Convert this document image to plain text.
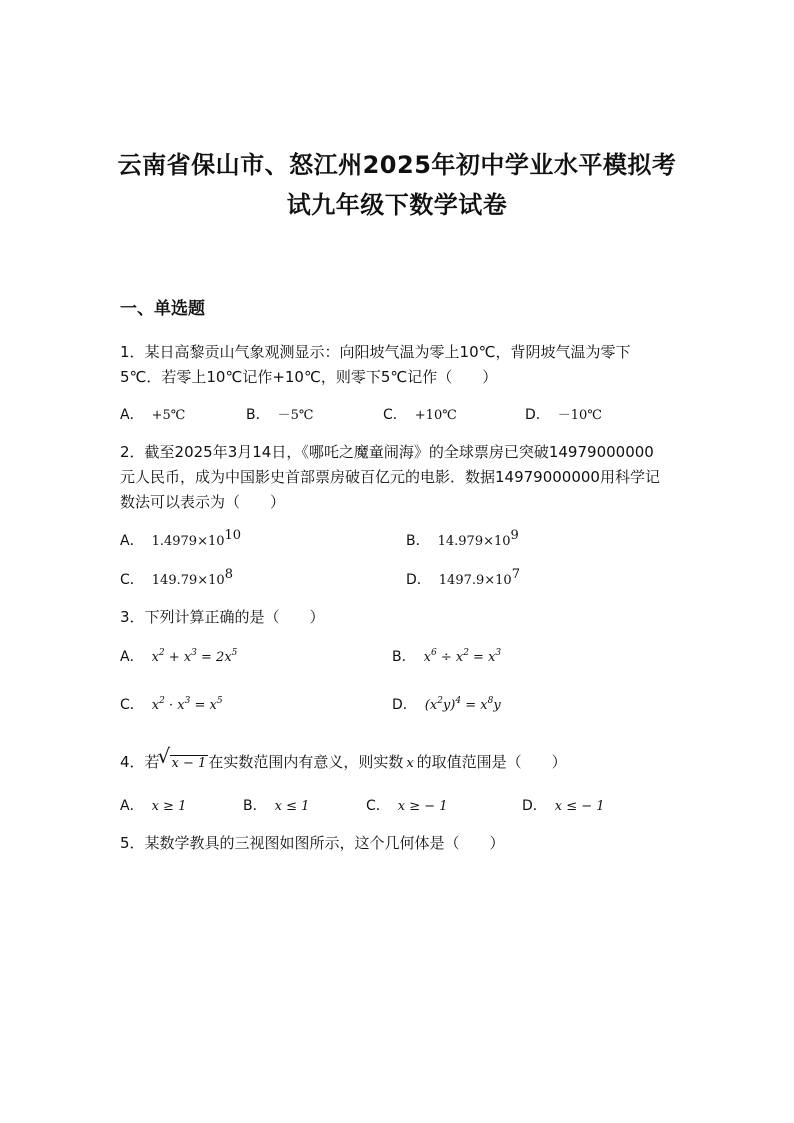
云南省保山市、怒江州2025年初中学业水平模拟考
试九年级下数学试卷
一、单选题
1．某日高黎贡山气象观测显示：向阳坡气温为零上10℃，背阴坡气温为零下
5℃．若零上10℃记作+10℃，则零下5℃记作（　　）
A． +5℃	B． －5℃	C． +10℃	D． －10℃
2．截至2025年3月14日，《哪吒之魔童闹海》的全球票房已突破14979000000
元人民币，成为中国影史首部票房破百亿元的电影．数据14979000000用科学记
数法可以表示为（　　）
A． $1.4979\times 10^{10}$	B． $14.979\times 10^9$
C． $149.79\times 10^8$	D． $1497.9\times 10^7$
3．下列计算正确的是（　　）
A． $x^2 + x^3 = 2x^5$	B． $x^6 \div x^2 = x^3$
C． $x^2 \cdot x^3 = x^5$	D． $(x^2y)^4 = x^8y$
4．若
√ x − 1 在实数范围内有意义，则实数 x 的取值范围是（　　）
A． x ≥ 1	B． x ≤ 1	C． x ≥ − 1	D． x ≤ − 1
5．某数学教具的三视图如图所示，这个几何体是（　　）
